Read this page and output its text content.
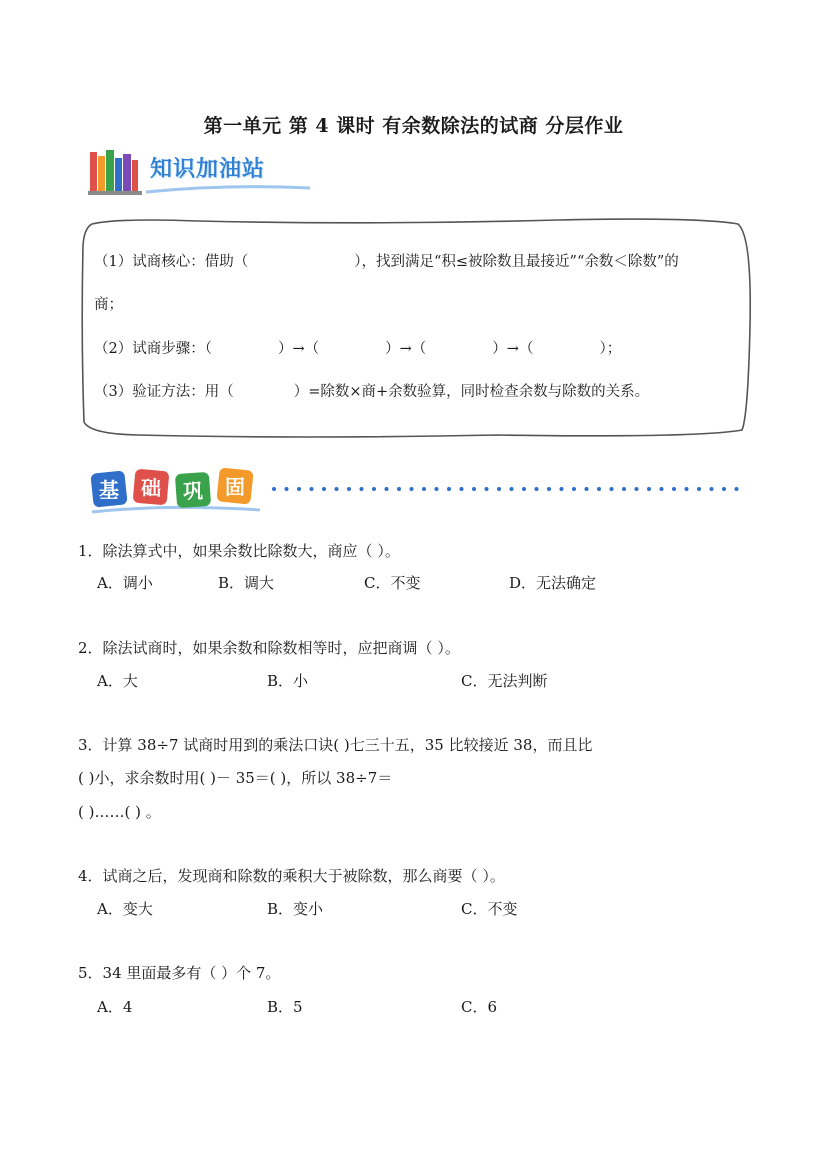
第一单元 第 4 课时 有余数除法的试商 分层作业
知识加油站
（1）试商核心：借助（	），找到满足“积≤被除数且最接近”“余数＜除数”的
商；
（2）试商步骤：（	）→（	）→（	）→（	）；
（3）验证方法：用（	）=除数×商+余数验算，同时检查余数与除数的关系。
基 础 巩 固
1．除法算式中，如果余数比除数大，商应（ ）。
A．调小	B．调大	C．不变	D．无法确定
2．除法试商时，如果余数和除数相等时，应把商调（ ）。
A．大	B．小	C．无法判断
3．计算 38÷7 试商时用到的乘法口诀( )七三十五，35 比较接近 38，而且比
( )小，求余数时用( )－ 35＝( )，所以 38÷7＝
( )……( ) 。
4．试商之后，发现商和除数的乘积大于被除数，那么商要（ ）。
A．变大	B．变小	C．不变
5．34 里面最多有（ ）个 7。
A．4	B．5	C．6
